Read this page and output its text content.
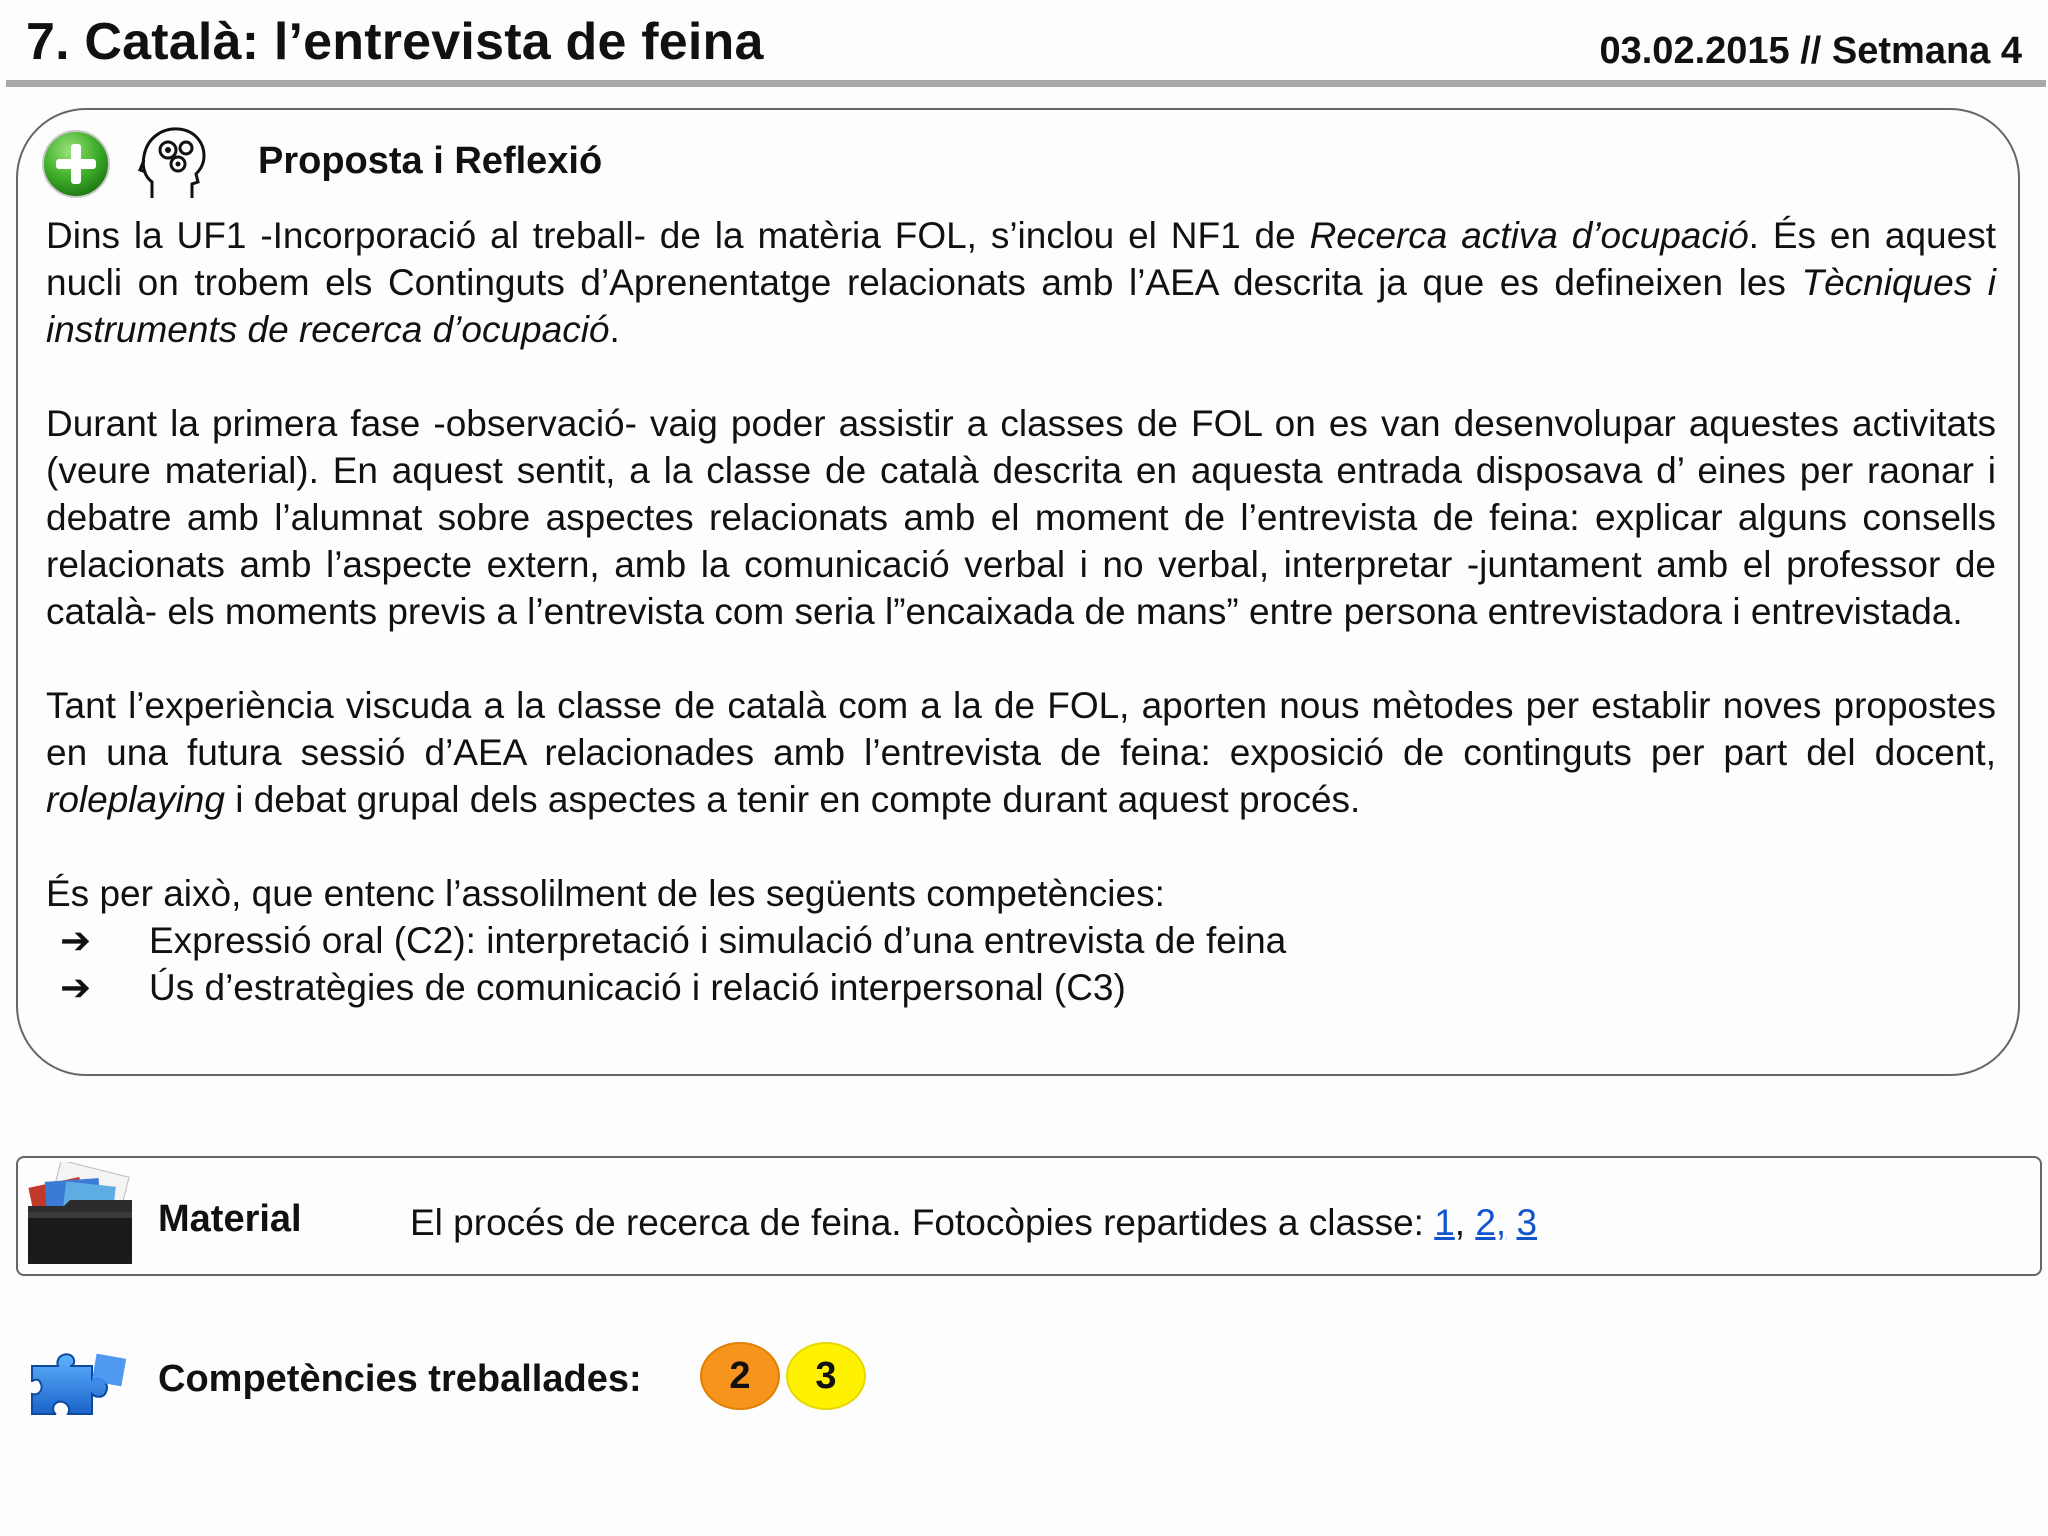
7. Català: l’entrevista de feina	03.02.2015 // Setmana 4
Proposta i Reflexió

Dins la UF1 -Incorporació al treball- de la matèria FOL, s’inclou el NF1 de Recerca activa d’ocupació. És en aquest nucli on trobem els Continguts d’Aprenentatge relacionats amb l’AEA descrita ja que es defineixen les Tècniques i instruments de recerca d’ocupació.

Durant la primera fase -observació- vaig poder assistir a classes de FOL on es van desenvolupar aquestes activitats (veure material). En aquest sentit, a la classe de català descrita en aquesta entrada disposava d’ eines per raonar i debatre amb l’alumnat sobre aspectes relacionats amb el moment de l’entrevista de feina: explicar alguns consells relacionats amb l’aspecte extern, amb la comunicació verbal i no verbal, interpretar -juntament amb el professor de català- els moments previs a l’entrevista com seria l”encaixada de mans” entre persona entrevistadora i entrevistada.

Tant l’experiència viscuda a la classe de català com a la de FOL, aporten nous mètodes per establir noves propostes en una futura sessió d’AEA relacionades amb l’entrevista de feina: exposició de continguts per part del docent, roleplaying i debat grupal dels aspectes a tenir en compte durant aquest procés.

És per això, que entenc l’assolilment de les següents competències:

➔	Expressió oral (C2): interpretació i simulació d’una entrevista de feina
➔	Ús d’estratègies de comunicació i relació interpersonal (C3)
Material	El procés de recerca de feina. Fotocòpies repartides a classe: 1, 2, 3
Competències treballades:	2	3
